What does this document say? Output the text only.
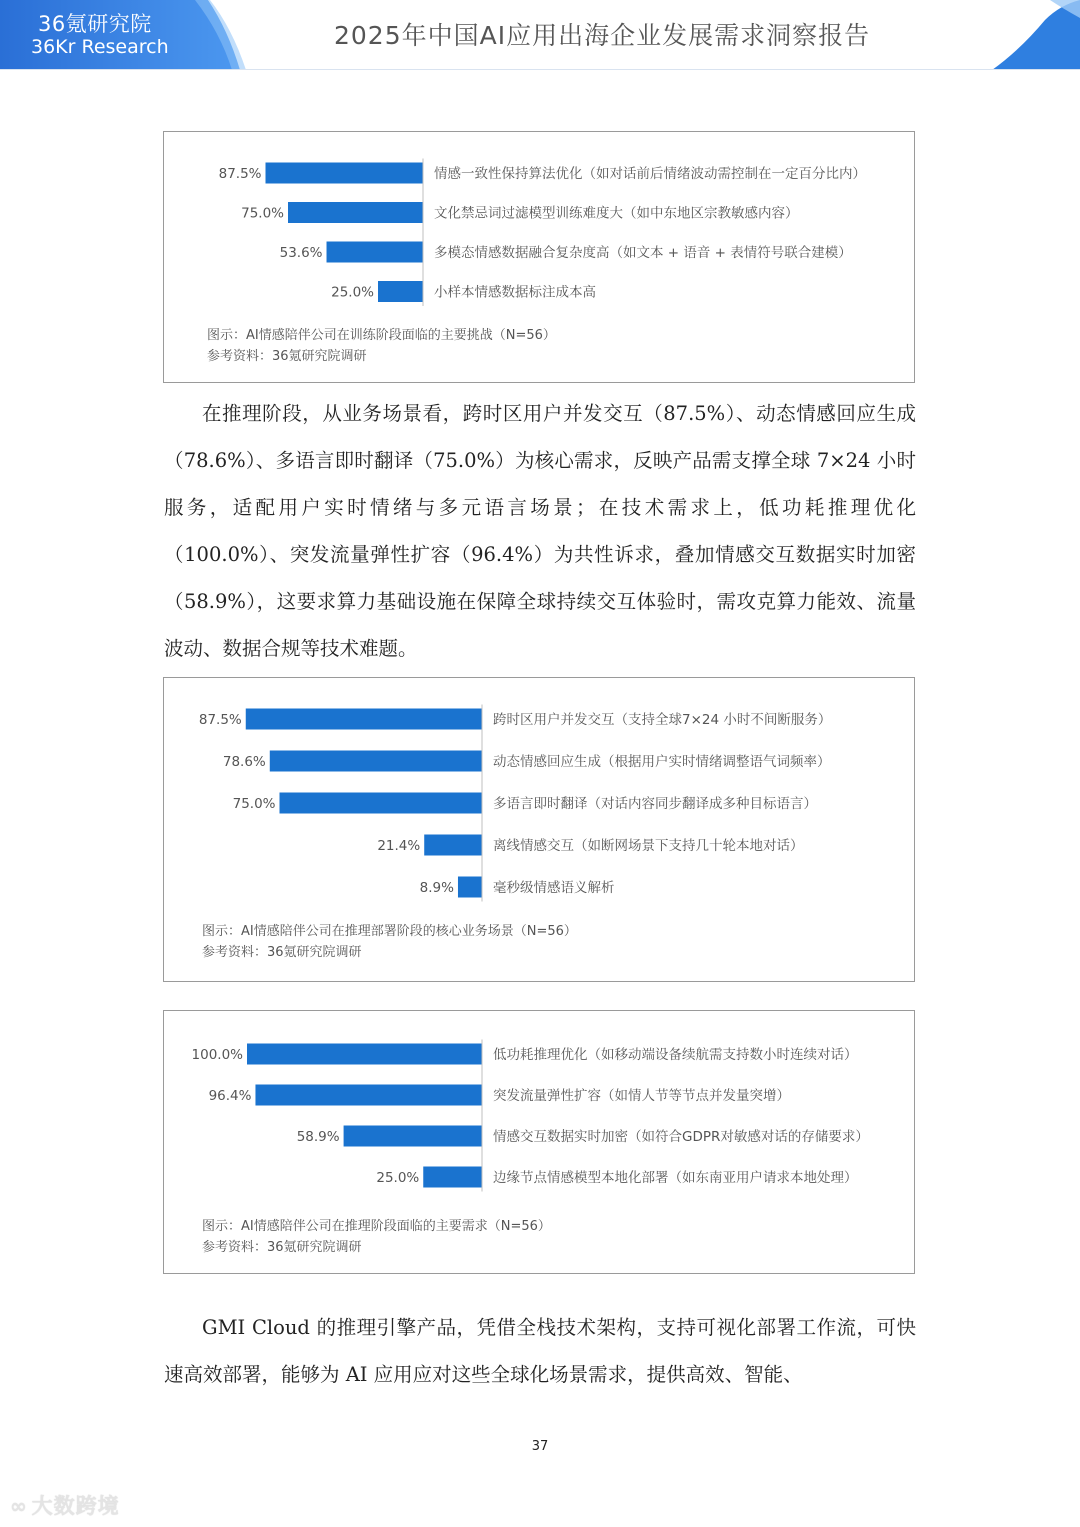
36氪研究院
36Kr Research	2025年中国AI应用出海企业发展需求洞察报告
87.5%	情感一致性保持算法优化（如对话前后情绪波动需控制在一定百分比内）
75.0%	文化禁忌词过滤模型训练难度大（如中东地区宗教敏感内容）
53.6%	多模态情感数据融合复杂度高（如文本 + 语音 + 表情符号联合建模）
25.0%	小样本情感数据标注成本高
图示：AI情感陪伴公司在训练阶段面临的主要挑战（N=56）
参考资料：36氪研究院调研

在推理阶段，从业务场景看，跨时区用户并发交互（87.5%）、动态情感回应生成（78.6%）、多语言即时翻译（75.0%）为核心需求，反映产品需支撑全球 7×24 小时服务，适配用户实时情绪与多元语言场景；在技术需求上，低功耗推理优化（100.0%）、突发流量弹性扩容（96.4%）为共性诉求，叠加情感交互数据实时加密（58.9%），这要求算力基础设施在保障全球持续交互体验时，需攻克算力能效、流量波动、数据合规等技术难题。

87.5%	跨时区用户并发交互（支持全球7×24 小时不间断服务）
78.6%	动态情感回应生成（根据用户实时情绪调整语气词频率）
75.0%	多语言即时翻译（对话内容同步翻译成多种目标语言）
21.4%	离线情感交互（如断网场景下支持几十轮本地对话）
8.9%	毫秒级情感语义解析
图示：AI情感陪伴公司在推理部署阶段的核心业务场景（N=56）
参考资料：36氪研究院调研
100.0%	低功耗推理优化（如移动端设备续航需支持数小时连续对话）
96.4%	突发流量弹性扩容（如情人节等节点并发量突增）
58.9%	情感交互数据实时加密（如符合GDPR对敏感对话的存储要求）
25.0%	边缘节点情感模型本地化部署（如东南亚用户请求本地处理）
图示：AI情感陪伴公司在推理阶段面临的主要需求（N=56）
参考资料：36氪研究院调研

GMI Cloud 的推理引擎产品，凭借全栈技术架构，支持可视化部署工作流，可快速高效部署，能够为 AI 应用应对这些全球化场景需求，提供高效、智能、

37
∞ 大数跨境
